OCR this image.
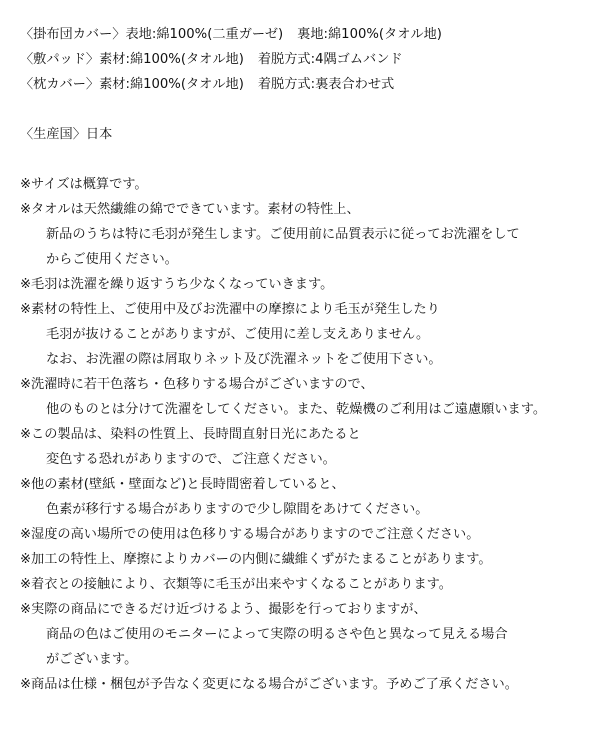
〈掛布団カバー〉表地:綿100%(二重ガーゼ) 裏地:綿100%(タオル地)
〈敷パッド〉素材:綿100%(タオル地) 着脱方式:4隅ゴムバンド
〈枕カバー〉素材:綿100%(タオル地) 着脱方式:裏表合わせ式
〈生産国〉日本
※サイズは概算です。
※タオルは天然繊維の綿でできています。素材の特性上、
新品のうちは特に毛羽が発生します。ご使用前に品質表示に従ってお洗濯をして
からご使用ください。
※毛羽は洗濯を繰り返すうち少なくなっていきます。
※素材の特性上、ご使用中及びお洗濯中の摩擦により毛玉が発生したり
毛羽が抜けることがありますが、ご使用に差し支えありません。
なお、お洗濯の際は屑取りネット及び洗濯ネットをご使用下さい。
※洗濯時に若干色落ち・色移りする場合がございますので、
他のものとは分けて洗濯をしてください。また、乾燥機のご利用はご遠慮願います。
※この製品は、染料の性質上、長時間直射日光にあたると
変色する恐れがありますので、ご注意ください。
※他の素材(壁紙・壁面など)と長時間密着していると、
色素が移行する場合がありますので少し隙間をあけてください。
※湿度の高い場所での使用は色移りする場合がありますのでご注意ください。
※加工の特性上、摩擦によりカバーの内側に繊維くずがたまることがあります。
※着衣との接触により、衣類等に毛玉が出来やすくなることがあります。
※実際の商品にできるだけ近づけるよう、撮影を行っておりますが、
商品の色はご使用のモニターによって実際の明るさや色と異なって見える場合
がございます。
※商品は仕様・梱包が予告なく変更になる場合がございます。予めご了承ください。
